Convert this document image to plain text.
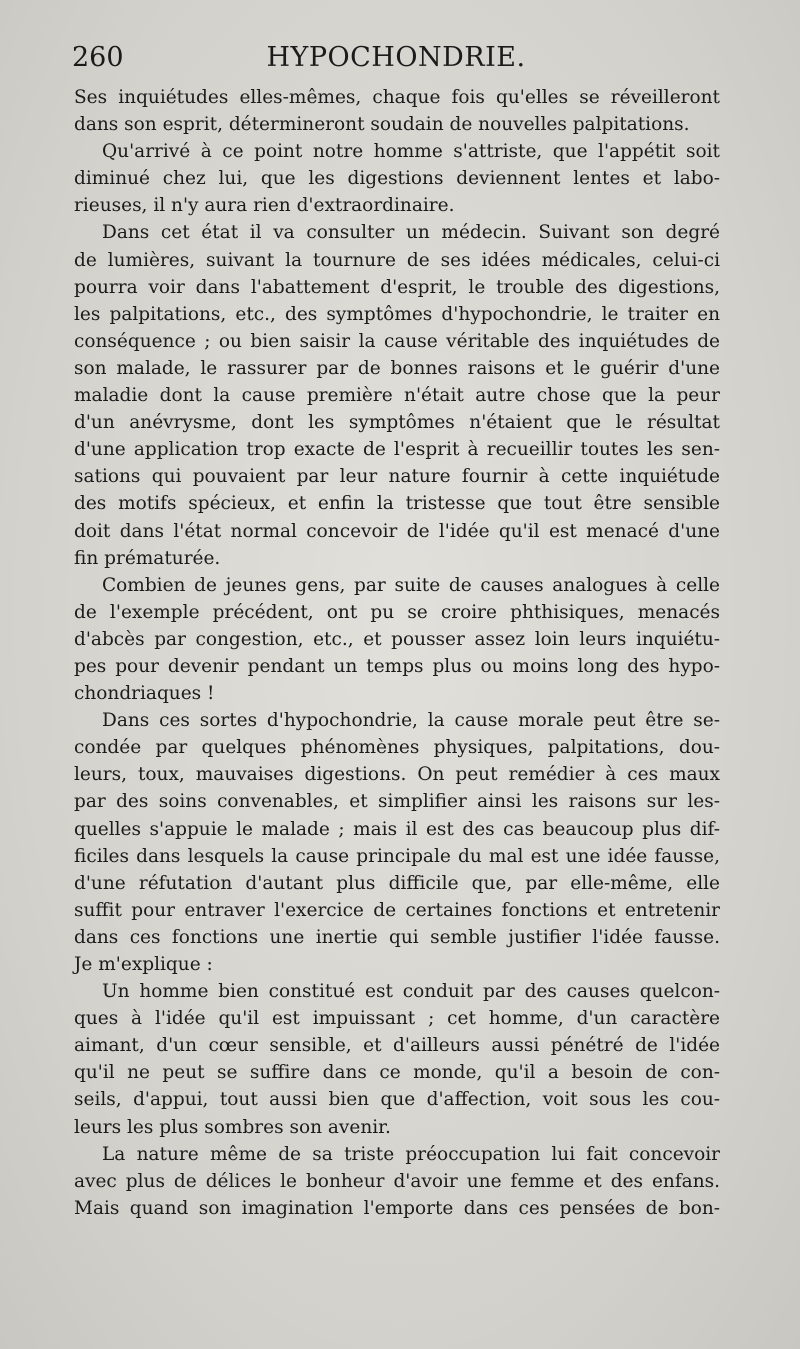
260	HYPOCHONDRIE.
Ses inquiétudes elles-mêmes, chaque fois qu'elles se réveilleront
dans son esprit, détermineront soudain de nouvelles palpitations.
Qu'arrivé à ce point notre homme s'attriste, que l'appétit soit
diminué chez lui, que les digestions deviennent lentes et labo-
rieuses, il n'y aura rien d'extraordinaire.
Dans cet état il va consulter un médecin. Suivant son degré
de lumières, suivant la tournure de ses idées médicales, celui-ci
pourra voir dans l'abattement d'esprit, le trouble des digestions,
les palpitations, etc., des symptômes d'hypochondrie, le traiter en
conséquence ; ou bien saisir la cause véritable des inquiétudes de
son malade, le rassurer par de bonnes raisons et le guérir d'une
maladie dont la cause première n'était autre chose que la peur
d'un anévrysme, dont les symptômes n'étaient que le résultat
d'une application trop exacte de l'esprit à recueillir toutes les sen-
sations qui pouvaient par leur nature fournir à cette inquiétude
des motifs spécieux, et enfin la tristesse que tout être sensible
doit dans l'état normal concevoir de l'idée qu'il est menacé d'une
fin prématurée.
Combien de jeunes gens, par suite de causes analogues à celle
de l'exemple précédent, ont pu se croire phthisiques, menacés
d'abcès par congestion, etc., et pousser assez loin leurs inquiétu-
pes pour devenir pendant un temps plus ou moins long des hypo-
chondriaques !
Dans ces sortes d'hypochondrie, la cause morale peut être se-
condée par quelques phénomènes physiques, palpitations, dou-
leurs, toux, mauvaises digestions. On peut remédier à ces maux
par des soins convenables, et simplifier ainsi les raisons sur les-
quelles s'appuie le malade ; mais il est des cas beaucoup plus dif-
ficiles dans lesquels la cause principale du mal est une idée fausse,
d'une réfutation d'autant plus difficile que, par elle-même, elle
suffit pour entraver l'exercice de certaines fonctions et entretenir
dans ces fonctions une inertie qui semble justifier l'idée fausse.
Je m'explique :
Un homme bien constitué est conduit par des causes quelcon-
ques à l'idée qu'il est impuissant ; cet homme, d'un caractère
aimant, d'un cœur sensible, et d'ailleurs aussi pénétré de l'idée
qu'il ne peut se suffire dans ce monde, qu'il a besoin de con-
seils, d'appui, tout aussi bien que d'affection, voit sous les cou-
leurs les plus sombres son avenir.
La nature même de sa triste préoccupation lui fait concevoir
avec plus de délices le bonheur d'avoir une femme et des enfans.
Mais quand son imagination l'emporte dans ces pensées de bon-
